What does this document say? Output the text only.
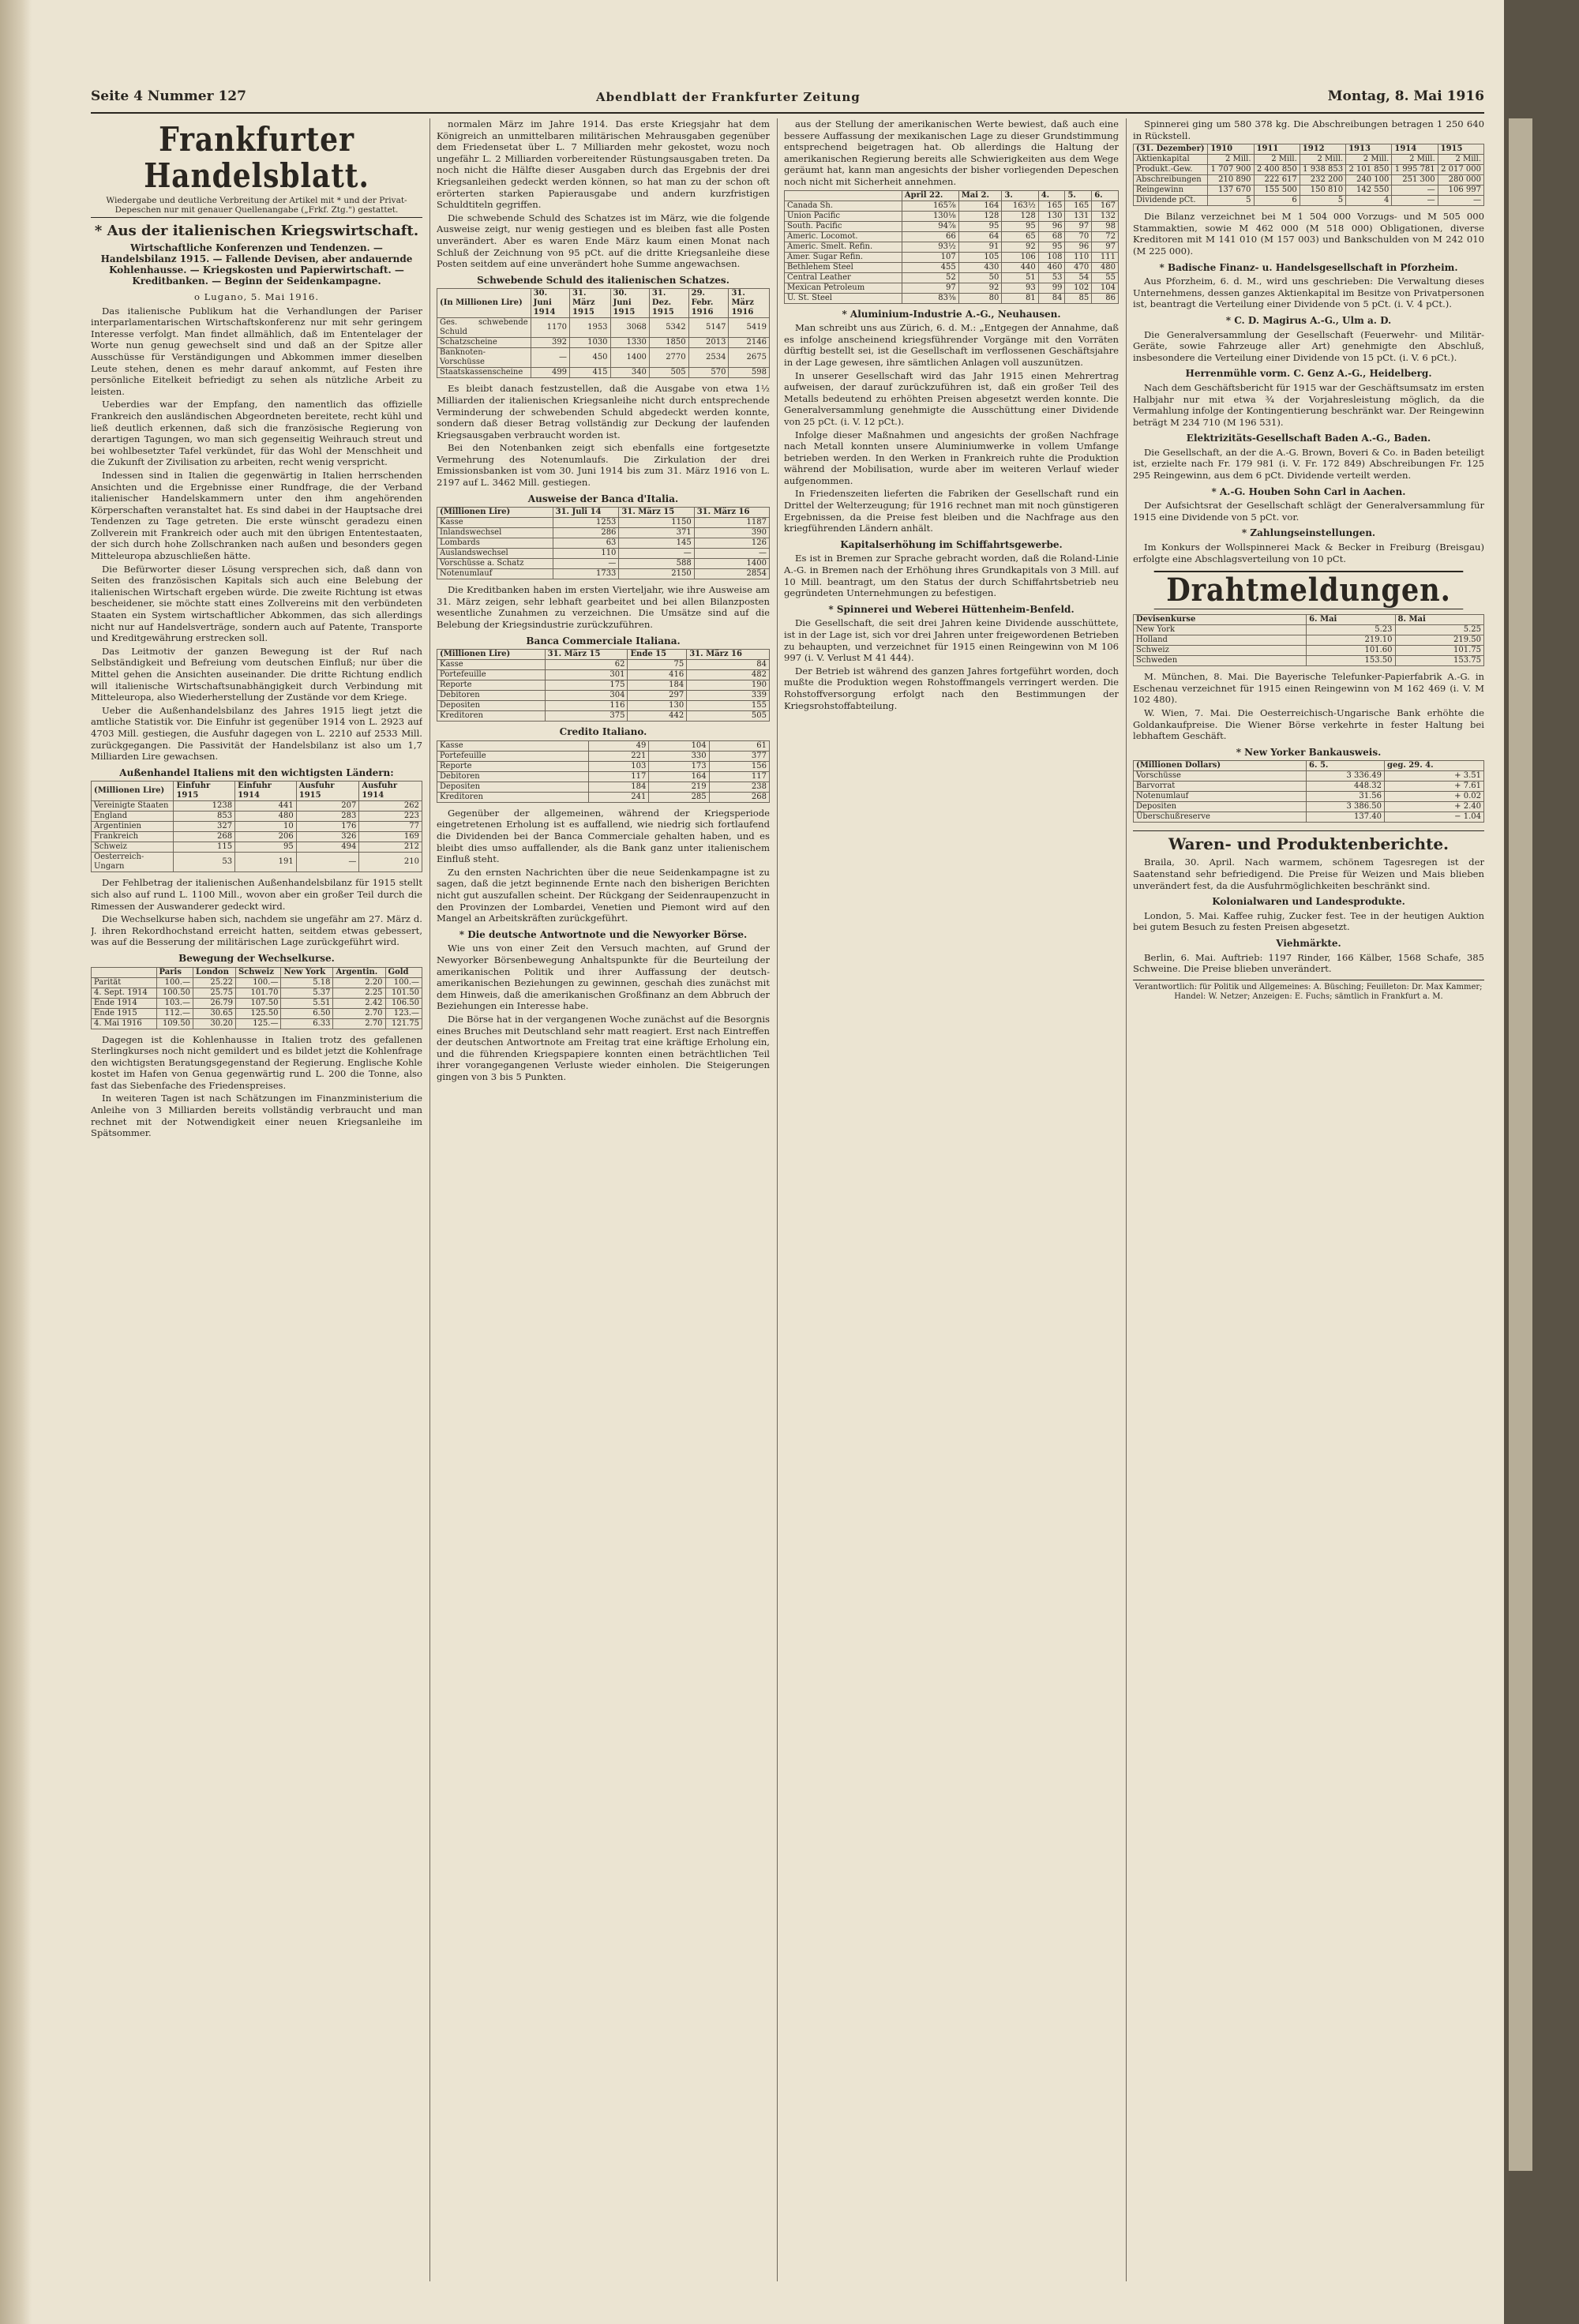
Seite 4 Nummer 127	Abendblatt der Frankfurter Zeitung	Montag, 8. Mai 1916
Frankfurter Handelsblatt.
Wiedergabe und deutliche Verbreitung der Artikel mit * und der Privat-Depeschen nur mit genauer Quellenangabe („Frkf. Ztg.") gestattet.
* Aus der italienischen Kriegswirtschaft.
Wirtschaftliche Konferenzen und Tendenzen. — Handelsbilanz 1915. — Fallende Devisen, aber andauernde Kohlenhausse. — Kriegskosten und Papierwirtschaft. — Kreditbanken. — Beginn der Seidenkampagne.
o Lugano, 5. Mai 1916.

Das italienische Publikum hat die Verhandlungen der Pariser interparlamentarischen Wirtschaftskonferenz nur mit sehr geringem Interesse verfolgt. Man findet allmählich, daß im Ententelager der Worte nun genug gewechselt sind und daß an der Spitze aller Ausschüsse für Verständigungen und Abkommen immer dieselben Leute stehen, denen es mehr darauf ankommt, auf Festen ihre persönliche Eitelkeit befriedigt zu sehen als nützliche Arbeit zu leisten.

Ueberdies war der Empfang, den namentlich das offizielle Frankreich den ausländischen Abgeordneten bereitete, recht kühl und ließ deutlich erkennen, daß sich die französische Regierung von derartigen Tagungen, wo man sich gegenseitig Weihrauch streut und bei wohlbesetzter Tafel verkündet, für das Wohl der Menschheit und die Zukunft der Zivilisation zu arbeiten, recht wenig verspricht.

Indessen sind in Italien die gegenwärtig in Italien herrschenden Ansichten und die Ergebnisse einer Rundfrage, die der Verband italienischer Handelskammern unter den ihm angehörenden Körperschaften veranstaltet hat. Es sind dabei in der Hauptsache drei Tendenzen zu Tage getreten. Die erste wünscht geradezu einen Zollverein mit Frankreich oder auch mit den übrigen Ententestaaten, der sich durch hohe Zollschranken nach außen und besonders gegen Mitteleuropa abzuschließen hätte.

Die Befürworter dieser Lösung versprechen sich, daß dann von Seiten des französischen Kapitals sich auch eine Belebung der italienischen Wirtschaft ergeben würde. Die zweite Richtung ist etwas bescheidener, sie möchte statt eines Zollvereins mit den verbündeten Staaten ein System wirtschaftlicher Abkommen, das sich allerdings nicht nur auf Handelsverträge, sondern auch auf Patente, Transporte und Kreditgewährung erstrecken soll.

Das Leitmotiv der ganzen Bewegung ist der Ruf nach Selbständigkeit und Befreiung vom deutschen Einfluß; nur über die Mittel gehen die Ansichten auseinander. Die dritte Richtung endlich will italienische Wirtschaftsunabhängigkeit durch Verbindung mit Mitteleuropa, also Wiederherstellung der Zustände vor dem Kriege.

Ueber die Außenhandelsbilanz des Jahres 1915 liegt jetzt die amtliche Statistik vor. Die Einfuhr ist gegenüber 1914 von L. 2923 auf 4703 Mill. gestiegen, die Ausfuhr dagegen von L. 2210 auf 2533 Mill. zurückgegangen. Die Passivität der Handelsbilanz ist also um 1,7 Milliarden Lire gewachsen.

Außenhandel Italiens mit den wichtigsten Ländern:
(Millionen Lire)	Einfuhr 1915	Einfuhr 1914	Ausfuhr 1915	Ausfuhr 1914
Vereinigte Staaten	1238	441	207	262
England	853	480	283	223
Argentinien	327	10	176	77
Frankreich	268	206	326	169
Schweiz	115	95	494	212
Oesterreich-Ungarn	53	191	—	210

Der Fehlbetrag der italienischen Außenhandelsbilanz für 1915 stellt sich also auf rund L. 1100 Mill., wovon aber ein großer Teil durch die Rimessen der Auswanderer gedeckt wird.

Die Wechselkurse haben sich, nachdem sie ungefähr am 27. März d. J. ihren Rekordhochstand erreicht hatten, seitdem etwas gebessert, was auf die Besserung der militärischen Lage zurückgeführt wird.

Bewegung der Wechselkurse.
	Paris	London	Schweiz	New York	Argentin.	Gold
Parität	100.—	25.22	100.—	5.18	2.20	100.—
4. Sept. 1914	100.50	25.75	101.70	5.37	2.25	101.50
Ende 1914	103.—	26.79	107.50	5.51	2.42	106.50
Ende 1915	112.—	30.65	125.50	6.50	2.70	123.—
4. Mai 1916	109.50	30.20	125.—	6.33	2.70	121.75

Dagegen ist die Kohlenhausse in Italien trotz des gefallenen Sterlingkurses noch nicht gemildert und es bildet jetzt die Kohlenfrage den wichtigsten Beratungsgegenstand der Regierung. Englische Kohle kostet im Hafen von Genua gegenwärtig rund L. 200 die Tonne, also fast das Siebenfache des Friedenspreises.

In weiteren Tagen ist nach Schätzungen im Finanzministerium die Anleihe von 3 Milliarden bereits vollständig verbraucht und man rechnet mit der Notwendigkeit einer neuen Kriegsanleihe im Spätsommer.

normalen März im Jahre 1914. Das erste Kriegsjahr hat dem Königreich an unmittelbaren militärischen Mehrausgaben gegenüber dem Friedensetat über L. 7 Milliarden mehr gekostet, wozu noch ungefähr L. 2 Milliarden vorbereitender Rüstungsausgaben treten. Da noch nicht die Hälfte dieser Ausgaben durch das Ergebnis der drei Kriegsanleihen gedeckt werden können, so hat man zu der schon oft erörterten starken Papierausgabe und andern kurzfristigen Schuldtiteln gegriffen.

Die schwebende Schuld des Schatzes ist im März, wie die folgende Ausweise zeigt, nur wenig gestiegen und es bleiben fast alle Posten unverändert. Aber es waren Ende März kaum einen Monat nach Schluß der Zeichnung von 95 pCt. auf die dritte Kriegsanleihe diese Posten seitdem auf eine unverändert hohe Summe angewachsen.

Schwebende Schuld des italienischen Schatzes.
(In Millionen Lire)	30. Juni 1914	31. März 1915	30. Juni 1915	31. Dez. 1915	29. Febr. 1916	31. März 1916
Ges. schwebende Schuld	1170	1953	3068	5342	5147	5419
Schatzscheine	392	1030	1330	1850	2013	2146
Banknoten-Vorschüsse	—	450	1400	2770	2534	2675
Staatskassenscheine	499	415	340	505	570	598

Es bleibt danach festzustellen, daß die Ausgabe von etwa 1½ Milliarden der italienischen Kriegsanleihe nicht durch entsprechende Verminderung der schwebenden Schuld abgedeckt werden konnte, sondern daß dieser Betrag vollständig zur Deckung der laufenden Kriegsausgaben verbraucht worden ist.

Bei den Notenbanken zeigt sich ebenfalls eine fortgesetzte Vermehrung des Notenumlaufs. Die Zirkulation der drei Emissionsbanken ist vom 30. Juni 1914 bis zum 31. März 1916 von L. 2197 auf L. 3462 Mill. gestiegen.

Ausweise der Banca d'Italia.
(Millionen Lire)	31. Juli 14	31. März 15	31. März 16
Kasse	1253	1150	1187
Inlandswechsel	286	371	390
Lombards	63	145	126
Auslandswechsel	110	—	—
Vorschüsse a. Schatz	—	588	1400
Notenumlauf	1733	2150	2854

Die Kreditbanken haben im ersten Vierteljahr, wie ihre Ausweise am 31. März zeigen, sehr lebhaft gearbeitet und bei allen Bilanzposten wesentliche Zunahmen zu verzeichnen. Die Umsätze sind auf die Belebung der Kriegsindustrie zurückzuführen.

Banca Commerciale Italiana.
(Millionen Lire)	31. März 15	Ende 15	31. März 16
Kasse	62	75	84
Portefeuille	301	416	482
Reporte	175	184	190
Debitoren	304	297	339
Depositen	116	130	155
Kreditoren	375	442	505
Credito Italiano.
Kasse	49	104	61
Portefeuille	221	330	377
Reporte	103	173	156
Debitoren	117	164	117
Depositen	184	219	238
Kreditoren	241	285	268

Gegenüber der allgemeinen, während der Kriegsperiode eingetretenen Erholung ist es auffallend, wie niedrig sich fortlaufend die Dividenden bei der Banca Commerciale gehalten haben, und es bleibt dies umso auffallender, als die Bank ganz unter italienischem Einfluß steht.

Zu den ernsten Nachrichten über die neue Seidenkampagne ist zu sagen, daß die jetzt beginnende Ernte nach den bisherigen Berichten nicht gut auszufallen scheint. Der Rückgang der Seidenraupenzucht in den Provinzen der Lombardei, Venetien und Piemont wird auf den Mangel an Arbeitskräften zurückgeführt.

* Die deutsche Antwortnote und die Newyorker Börse.

Wie uns von einer Zeit den Versuch machten, auf Grund der Newyorker Börsenbewegung Anhaltspunkte für die Beurteilung der amerikanischen Politik und ihrer Auffassung der deutsch-amerikanischen Beziehungen zu gewinnen, geschah dies zunächst mit dem Hinweis, daß die amerikanischen Großfinanz an dem Abbruch der Beziehungen ein Interesse habe.

Die Börse hat in der vergangenen Woche zunächst auf die Besorgnis eines Bruches mit Deutschland sehr matt reagiert. Erst nach Eintreffen der deutschen Antwortnote am Freitag trat eine kräftige Erholung ein, und die führenden Kriegspapiere konnten einen beträchtlichen Teil ihrer vorangegangenen Verluste wieder einholen. Die Steigerungen gingen von 3 bis 5 Punkten.

aus der Stellung der amerikanischen Werte bewiest, daß auch eine bessere Auffassung der mexikanischen Lage zu dieser Grundstimmung entsprechend beigetragen hat. Ob allerdings die Haltung der amerikanischen Regierung bereits alle Schwierigkeiten aus dem Wege geräumt hat, kann man angesichts der bisher vorliegenden Depeschen noch nicht mit Sicherheit annehmen.

	April 22.	Mai 2.	3.	4.	5.	6.
Canada Sh.	165⅞	164	163½	165	165	167
Union Pacific	130⅛	128	128	130	131	132
South. Pacific	94⅞	95	95	96	97	98
Americ. Locomot.	66	64	65	68	70	72
Americ. Smelt. Refin.	93½	91	92	95	96	97
Amer. Sugar Refin.	107	105	106	108	110	111
Bethlehem Steel	455	430	440	460	470	480
Central Leather	52	50	51	53	54	55
Mexican Petroleum	97	92	93	99	102	104
U. St. Steel	83⅜	80	81	84	85	86
* Aluminium-Industrie A.-G., Neuhausen.

Man schreibt uns aus Zürich, 6. d. M.: „Entgegen der Annahme, daß es infolge anscheinend kriegsführender Vorgänge mit den Vorräten dürftig bestellt sei, ist die Gesellschaft im verflossenen Geschäftsjahre in der Lage gewesen, ihre sämtlichen Anlagen voll auszunützen.

In unserer Gesellschaft wird das Jahr 1915 einen Mehrertrag aufweisen, der darauf zurückzuführen ist, daß ein großer Teil des Metalls bedeutend zu erhöhten Preisen abgesetzt werden konnte. Die Generalversammlung genehmigte die Ausschüttung einer Dividende von 25 pCt. (i. V. 12 pCt.).

Infolge dieser Maßnahmen und angesichts der großen Nachfrage nach Metall konnten unsere Aluminiumwerke in vollem Umfange betrieben werden. In den Werken in Frankreich ruhte die Produktion während der Mobilisation, wurde aber im weiteren Verlauf wieder aufgenommen.

In Friedenszeiten lieferten die Fabriken der Gesellschaft rund ein Drittel der Welterzeugung; für 1916 rechnet man mit noch günstigeren Ergebnissen, da die Preise fest bleiben und die Nachfrage aus den kriegführenden Ländern anhält.

Kapitalserhöhung im Schiffahrtsgewerbe.

Es ist in Bremen zur Sprache gebracht worden, daß die Roland-Linie A.-G. in Bremen nach der Erhöhung ihres Grundkapitals von 3 Mill. auf 10 Mill. beantragt, um den Status der durch Schiffahrtsbetrieb neu gegründeten Unternehmungen zu befestigen.

* Spinnerei und Weberei Hüttenheim-Benfeld.

Die Gesellschaft, die seit drei Jahren keine Dividende ausschüttete, ist in der Lage ist, sich vor drei Jahren unter freigewordenen Betrieben zu behaupten, und verzeichnet für 1915 einen Reingewinn von M 106 997 (i. V. Verlust M 41 444).

Der Betrieb ist während des ganzen Jahres fortgeführt worden, doch mußte die Produktion wegen Rohstoffmangels verringert werden. Die Rohstoffversorgung erfolgt nach den Bestimmungen der Kriegsrohstoffabteilung.

Spinnerei ging um 580 378 kg. Die Abschreibungen betragen 1 250 640 in Rückstell.

(31. Dezember)	1910	1911	1912	1913	1914	1915
Aktienkapital	2 Mill.	2 Mill.	2 Mill.	2 Mill.	2 Mill.	2 Mill.
Produkt.-Gew.	1 707 900	2 400 850	1 938 853	2 101 850	1 995 781	2 017 000
Abschreibungen	210 890	222 617	232 200	240 100	251 300	280 000
Reingewinn	137 670	155 500	150 810	142 550	—	106 997
Dividende pCt.	5	6	5	4	—	—

Die Bilanz verzeichnet bei M 1 504 000 Vorzugs- und M 505 000 Stammaktien, sowie M 462 000 (M 518 000) Obligationen, diverse Kreditoren mit M 141 010 (M 157 003) und Bankschulden von M 242 010 (M 225 000).

* Badische Finanz- u. Handelsgesellschaft in Pforzheim.

Aus Pforzheim, 6. d. M., wird uns geschrieben: Die Verwaltung dieses Unternehmens, dessen ganzes Aktienkapital im Besitze von Privatpersonen ist, beantragt die Verteilung einer Dividende von 5 pCt. (i. V. 4 pCt.).

* C. D. Magirus A.-G., Ulm a. D.

Die Generalversammlung der Gesellschaft (Feuerwehr- und Militär-Geräte, sowie Fahrzeuge aller Art) genehmigte den Abschluß, insbesondere die Verteilung einer Dividende von 15 pCt. (i. V. 6 pCt.).

Herrenmühle vorm. C. Genz A.-G., Heidelberg.

Nach dem Geschäftsbericht für 1915 war der Geschäftsumsatz im ersten Halbjahr nur mit etwa ¾ der Vorjahresleistung möglich, da die Vermahlung infolge der Kontingentierung beschränkt war. Der Reingewinn beträgt M 234 710 (M 196 531).

Elektrizitäts-Gesellschaft Baden A.-G., Baden.

Die Gesellschaft, an der die A.-G. Brown, Boveri & Co. in Baden beteiligt ist, erzielte nach Fr. 179 981 (i. V. Fr. 172 849) Abschreibungen Fr. 125 295 Reingewinn, aus dem 6 pCt. Dividende verteilt werden.

* A.-G. Houben Sohn Carl in Aachen.

Der Aufsichtsrat der Gesellschaft schlägt der Generalversammlung für 1915 eine Dividende von 5 pCt. vor.

* Zahlungseinstellungen.

Im Konkurs der Wollspinnerei Mack & Becker in Freiburg (Breisgau) erfolgte eine Abschlagsverteilung von 10 pCt.

Drahtmeldungen.
Devisenkurse	6. Mai	8. Mai
New York	5.23	5.25
Holland	219.10	219.50
Schweiz	101.60	101.75
Schweden	153.50	153.75

M. München, 8. Mai. Die Bayerische Telefunker-Papierfabrik A.-G. in Eschenau verzeichnet für 1915 einen Reingewinn von M 162 469 (i. V. M 102 480).

W. Wien, 7. Mai. Die Oesterreichisch-Ungarische Bank erhöhte die Goldankaufpreise. Die Wiener Börse verkehrte in fester Haltung bei lebhaftem Geschäft.

* New Yorker Bankausweis.
(Millionen Dollars)	6. 5.	geg. 29. 4.
Vorschüsse	3 336.49	+ 3.51
Barvorrat	448.32	+ 7.61
Notenumlauf	31.56	+ 0.02
Depositen	3 386.50	+ 2.40
Überschußreserve	137.40	− 1.04
Waren- und Produktenberichte.

Braila, 30. April. Nach warmem, schönem Tagesregen ist der Saatenstand sehr befriedigend. Die Preise für Weizen und Mais blieben unverändert fest, da die Ausfuhrmöglichkeiten beschränkt sind.

Kolonialwaren und Landesprodukte.

London, 5. Mai. Kaffee ruhig, Zucker fest. Tee in der heutigen Auktion bei gutem Besuch zu festen Preisen abgesetzt.

Viehmärkte.

Berlin, 6. Mai. Auftrieb: 1197 Rinder, 166 Kälber, 1568 Schafe, 385 Schweine. Die Preise blieben unverändert.

Verantwortlich: für Politik und Allgemeines: A. Büsching; Feuilleton: Dr. Max Kammer; Handel: W. Netzer; Anzeigen: E. Fuchs; sämtlich in Frankfurt a. M.
